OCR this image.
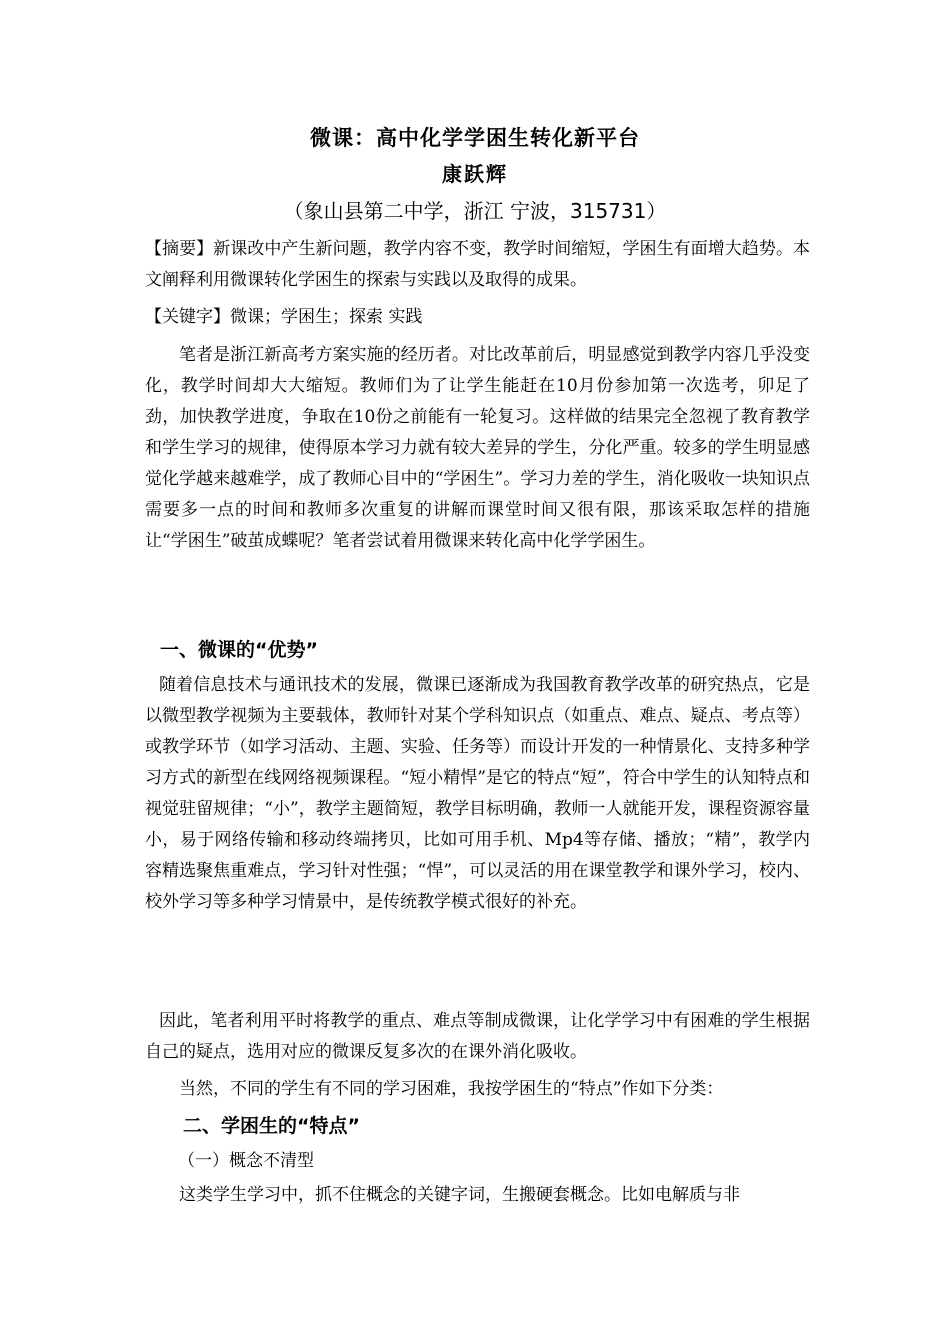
微课：高中化学学困生转化新平台
康跃辉
（象山县第二中学，浙江 宁波，315731）
【摘要】新课改中产生新问题，教学内容不变，教学时间缩短，学困生有面增大趋势。本文阐释利用微课转化学困生的探索与实践以及取得的成果。
【关键字】微课；学困生；探索 实践
笔者是浙江新高考方案实施的经历者。对比改革前后，明显感觉到教学内容几乎没变化，教学时间却大大缩短。教师们为了让学生能赶在10月份参加第一次选考，卯足了劲，加快教学进度，争取在10份之前能有一轮复习。这样做的结果完全忽视了教育教学和学生学习的规律，使得原本学习力就有较大差异的学生，分化严重。较多的学生明显感觉化学越来越难学，成了教师心目中的“学困生”。学习力差的学生，消化吸收一块知识点需要多一点的时间和教师多次重复的讲解而课堂时间又很有限，那该采取怎样的措施让“学困生”破茧成蝶呢？笔者尝试着用微课来转化高中化学学困生。
一、微课的“优势”
随着信息技术与通讯技术的发展，微课已逐渐成为我国教育教学改革的研究热点，它是以微型教学视频为主要载体，教师针对某个学科知识点（如重点、难点、疑点、考点等）或教学环节（如学习活动、主题、实验、任务等）而设计开发的一种情景化、支持多种学习方式的新型在线网络视频课程。“短小精悍”是它的特点“短”，符合中学生的认知特点和视觉驻留规律；“小”，教学主题简短，教学目标明确，教师一人就能开发，课程资源容量小，易于网络传输和移动终端拷贝，比如可用手机、Mp4等存储、播放；“精”，教学内容精选聚焦重难点，学习针对性强；“悍”，可以灵活的用在课堂教学和课外学习，校内、校外学习等多种学习情景中，是传统教学模式很好的补充。
因此，笔者利用平时将教学的重点、难点等制成微课，让化学学习中有困难的学生根据自己的疑点，选用对应的微课反复多次的在课外消化吸收。
当然，不同的学生有不同的学习困难，我按学困生的“特点”作如下分类：
二、学困生的“特点”
（一）概念不清型
这类学生学习中，抓不住概念的关键字词，生搬硬套概念。比如电解质与非
